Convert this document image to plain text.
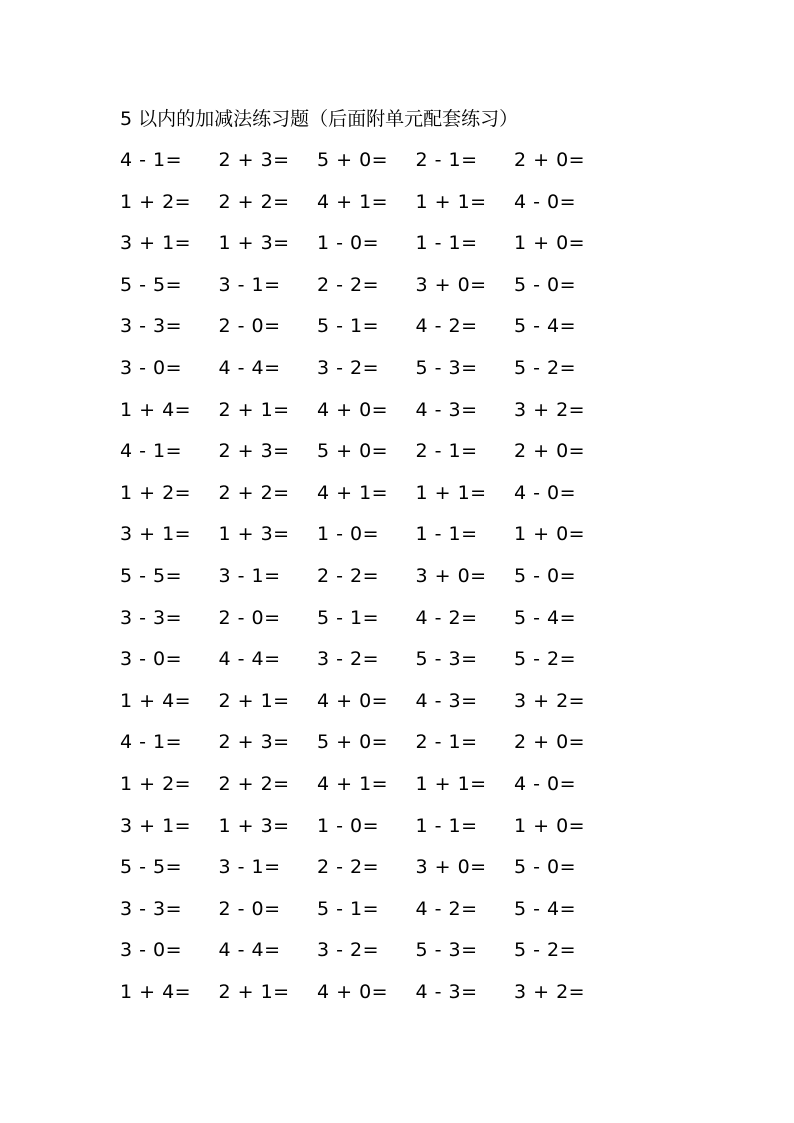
5 以内的加减法练习题（后面附单元配套练习）
4 - 1=	2 + 3=	5 + 0=	2 - 1=	2 + 0=
1 + 2=	2 + 2=	4 + 1=	1 + 1=	4 - 0=
3 + 1=	1 + 3=	1 - 0=	1 - 1=	1 + 0=
5 - 5=	3 - 1=	2 - 2=	3 + 0=	5 - 0=
3 - 3=	2 - 0=	5 - 1=	4 - 2=	5 - 4=
3 - 0=	4 - 4=	3 - 2=	5 - 3=	5 - 2=
1 + 4=	2 + 1=	4 + 0=	4 - 3=	3 + 2=
4 - 1=	2 + 3=	5 + 0=	2 - 1=	2 + 0=
1 + 2=	2 + 2=	4 + 1=	1 + 1=	4 - 0=
3 + 1=	1 + 3=	1 - 0=	1 - 1=	1 + 0=
5 - 5=	3 - 1=	2 - 2=	3 + 0=	5 - 0=
3 - 3=	2 - 0=	5 - 1=	4 - 2=	5 - 4=
3 - 0=	4 - 4=	3 - 2=	5 - 3=	5 - 2=
1 + 4=	2 + 1=	4 + 0=	4 - 3=	3 + 2=
4 - 1=	2 + 3=	5 + 0=	2 - 1=	2 + 0=
1 + 2=	2 + 2=	4 + 1=	1 + 1=	4 - 0=
3 + 1=	1 + 3=	1 - 0=	1 - 1=	1 + 0=
5 - 5=	3 - 1=	2 - 2=	3 + 0=	5 - 0=
3 - 3=	2 - 0=	5 - 1=	4 - 2=	5 - 4=
3 - 0=	4 - 4=	3 - 2=	5 - 3=	5 - 2=
1 + 4=	2 + 1=	4 + 0=	4 - 3=	3 + 2=
